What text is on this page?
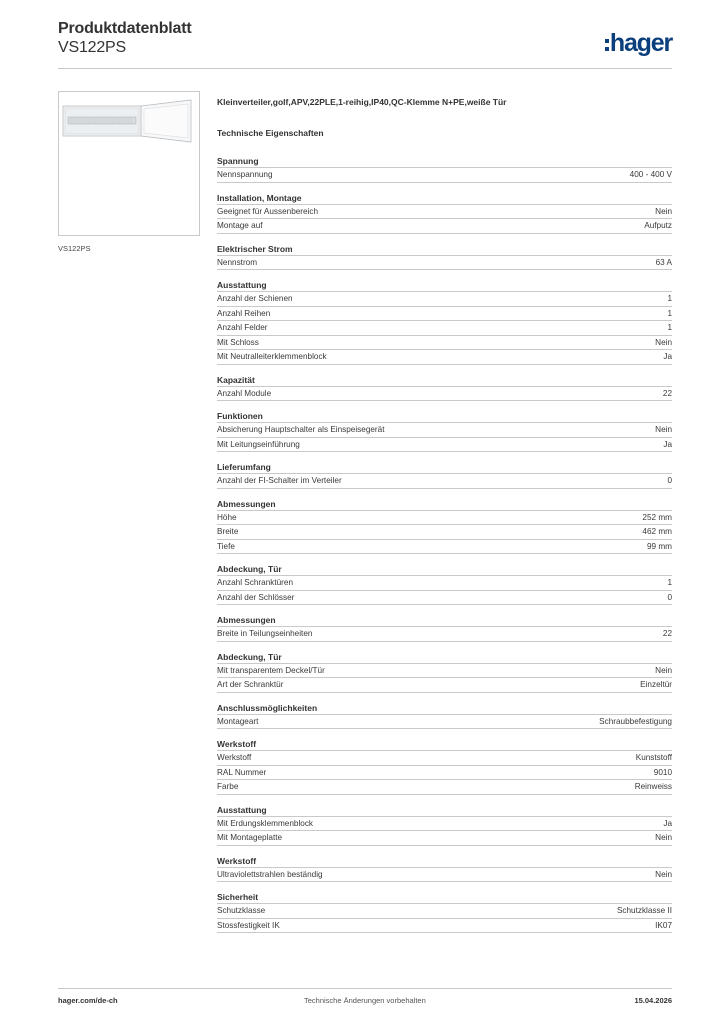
Produktdatenblatt
VS122PS	hager
VS122PS
Kleinverteiler,golf,APV,22PLE,1-reihig,IP40,QC-Klemme N+PE,weiße Tür
Technische Eigenschaften
Spannung
Nennspannung	400 - 400 V
Installation, Montage
Geeignet für Aussenbereich	Nein
Montage auf	Aufputz
Elektrischer Strom
Nennstrom	63 A
Ausstattung
Anzahl der Schienen	1
Anzahl Reihen	1
Anzahl Felder	1
Mit Schloss	Nein
Mit Neutralleiterklemmenblock	Ja
Kapazität
Anzahl Module	22
Funktionen
Absicherung Hauptschalter als Einspeisegerät	Nein
Mit Leitungseinführung	Ja
Lieferumfang
Anzahl der FI-Schalter im Verteiler	0
Abmessungen
Höhe	252 mm
Breite	462 mm
Tiefe	99 mm
Abdeckung, Tür
Anzahl Schranktüren	1
Anzahl der Schlösser	0
Abmessungen
Breite in Teilungseinheiten	22
Abdeckung, Tür
Mit transparentem Deckel/Tür	Nein
Art der Schranktür	Einzeltür
Anschlussmöglichkeiten
Montageart	Schraubbefestigung
Werkstoff
Werkstoff	Kunststoff
RAL Nummer	9010
Farbe	Reinweiss
Ausstattung
Mit Erdungsklemmenblock	Ja
Mit Montageplatte	Nein
Werkstoff
Ultraviolettstrahlen beständig	Nein
Sicherheit
Schutzklasse	Schutzklasse II
Stossfestigkeit IK	IK07
hager.com/de-ch	Technische Änderungen vorbehalten	15.04.2026
